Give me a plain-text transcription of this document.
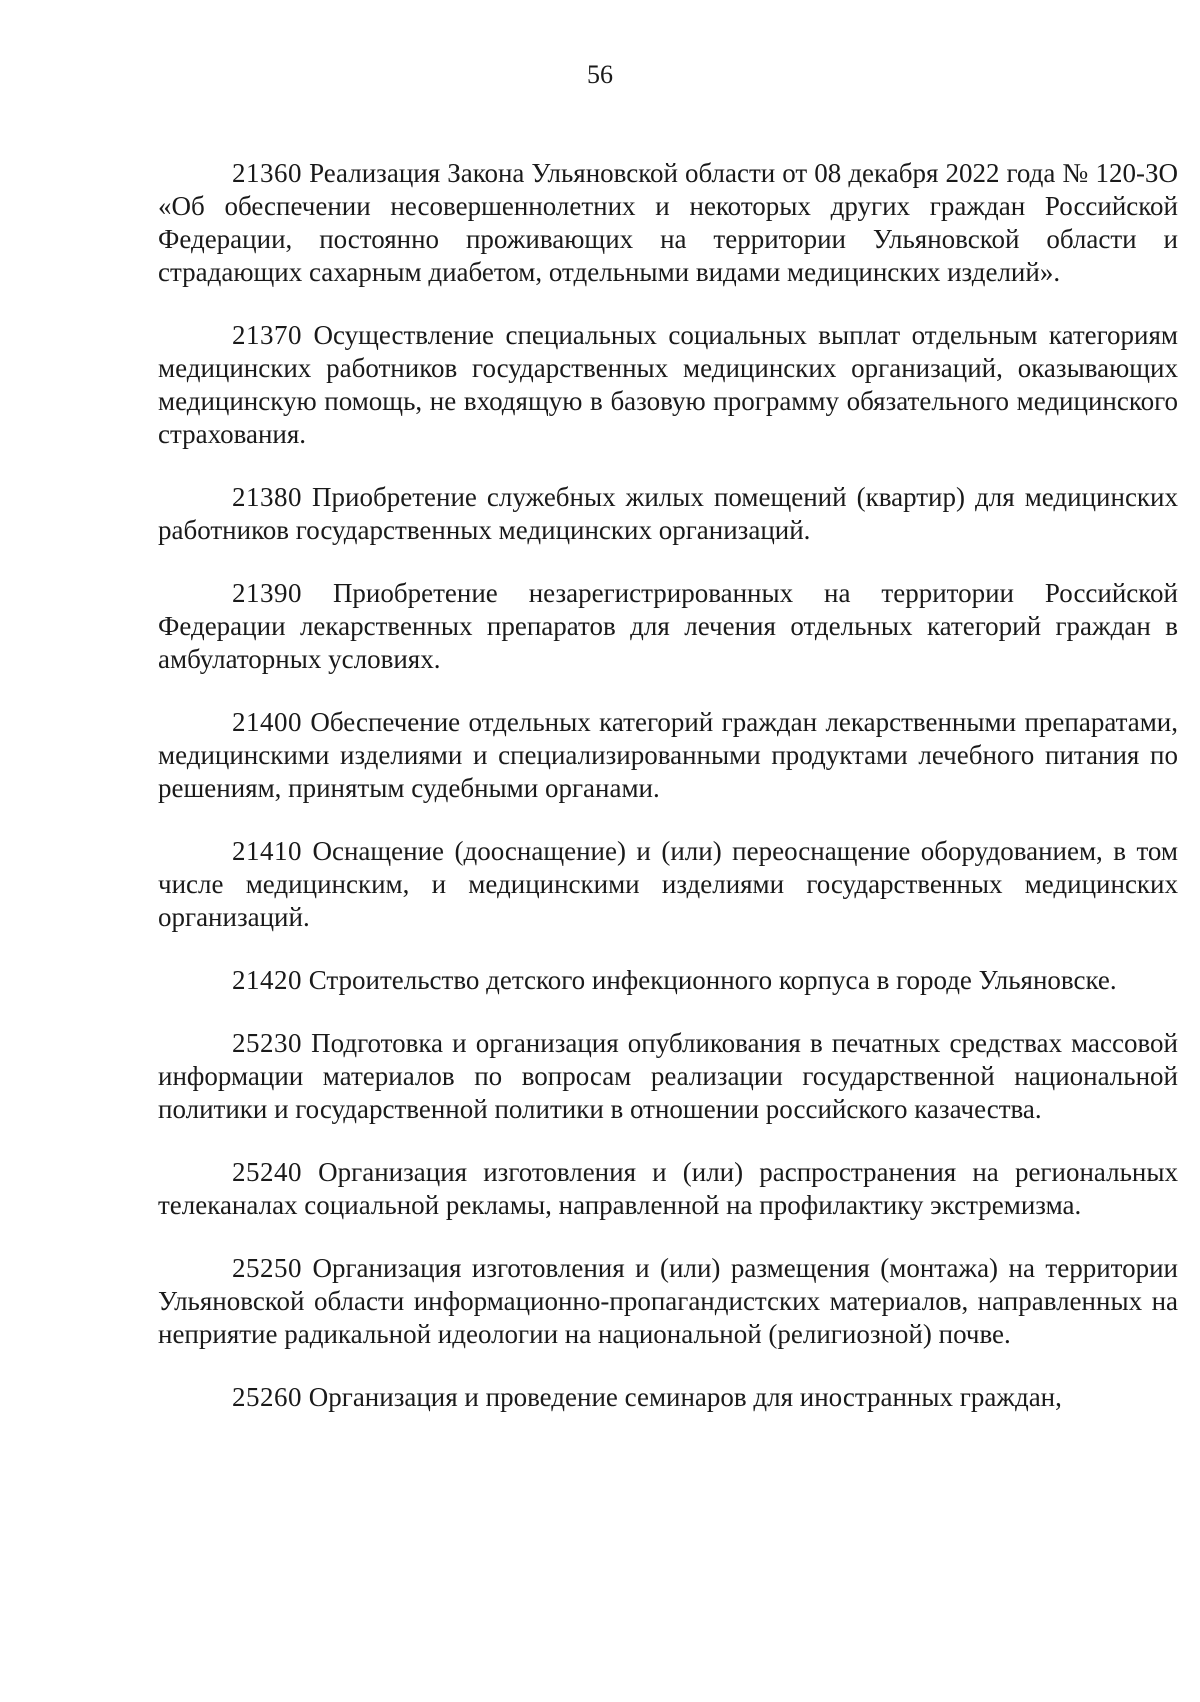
56

21360 Реализация Закона Ульяновской области от 08 декабря 2022 года № 120-ЗО «Об обеспечении несовершеннолетних и некоторых других граждан Российской Федерации, постоянно проживающих на территории Ульяновской области и страдающих сахарным диабетом, отдельными видами медицинских изделий».

21370 Осуществление специальных социальных выплат отдельным категориям медицинских работников государственных медицинских организаций, оказывающих медицинскую помощь, не входящую в базовую программу обязательного медицинского страхования.

21380 Приобретение служебных жилых помещений (квартир) для медицинских работников государственных медицинских организаций.

21390 Приобретение незарегистрированных на территории Российской Федерации лекарственных препаратов для лечения отдельных категорий граждан в амбулаторных условиях.

21400 Обеспечение отдельных категорий граждан лекарственными препаратами, медицинскими изделиями и специализированными продуктами лечебного питания по решениям, принятым судебными органами.

21410 Оснащение (дооснащение) и (или) переоснащение оборудованием, в том числе медицинским, и медицинскими изделиями государственных медицинских организаций.

21420 Строительство детского инфекционного корпуса в городе Ульяновске.

25230 Подготовка и организация опубликования в печатных средствах массовой информации материалов по вопросам реализации государственной национальной политики и государственной политики в отношении российского казачества.

25240 Организация изготовления и (или) распространения на региональных телеканалах социальной рекламы, направленной на профилактику экстремизма.

25250 Организация изготовления и (или) размещения (монтажа) на территории Ульяновской области информационно-пропагандистских материалов, направленных на неприятие радикальной идеологии на национальной (религиозной) почве.

25260 Организация и проведение семинаров для иностранных граждан,
